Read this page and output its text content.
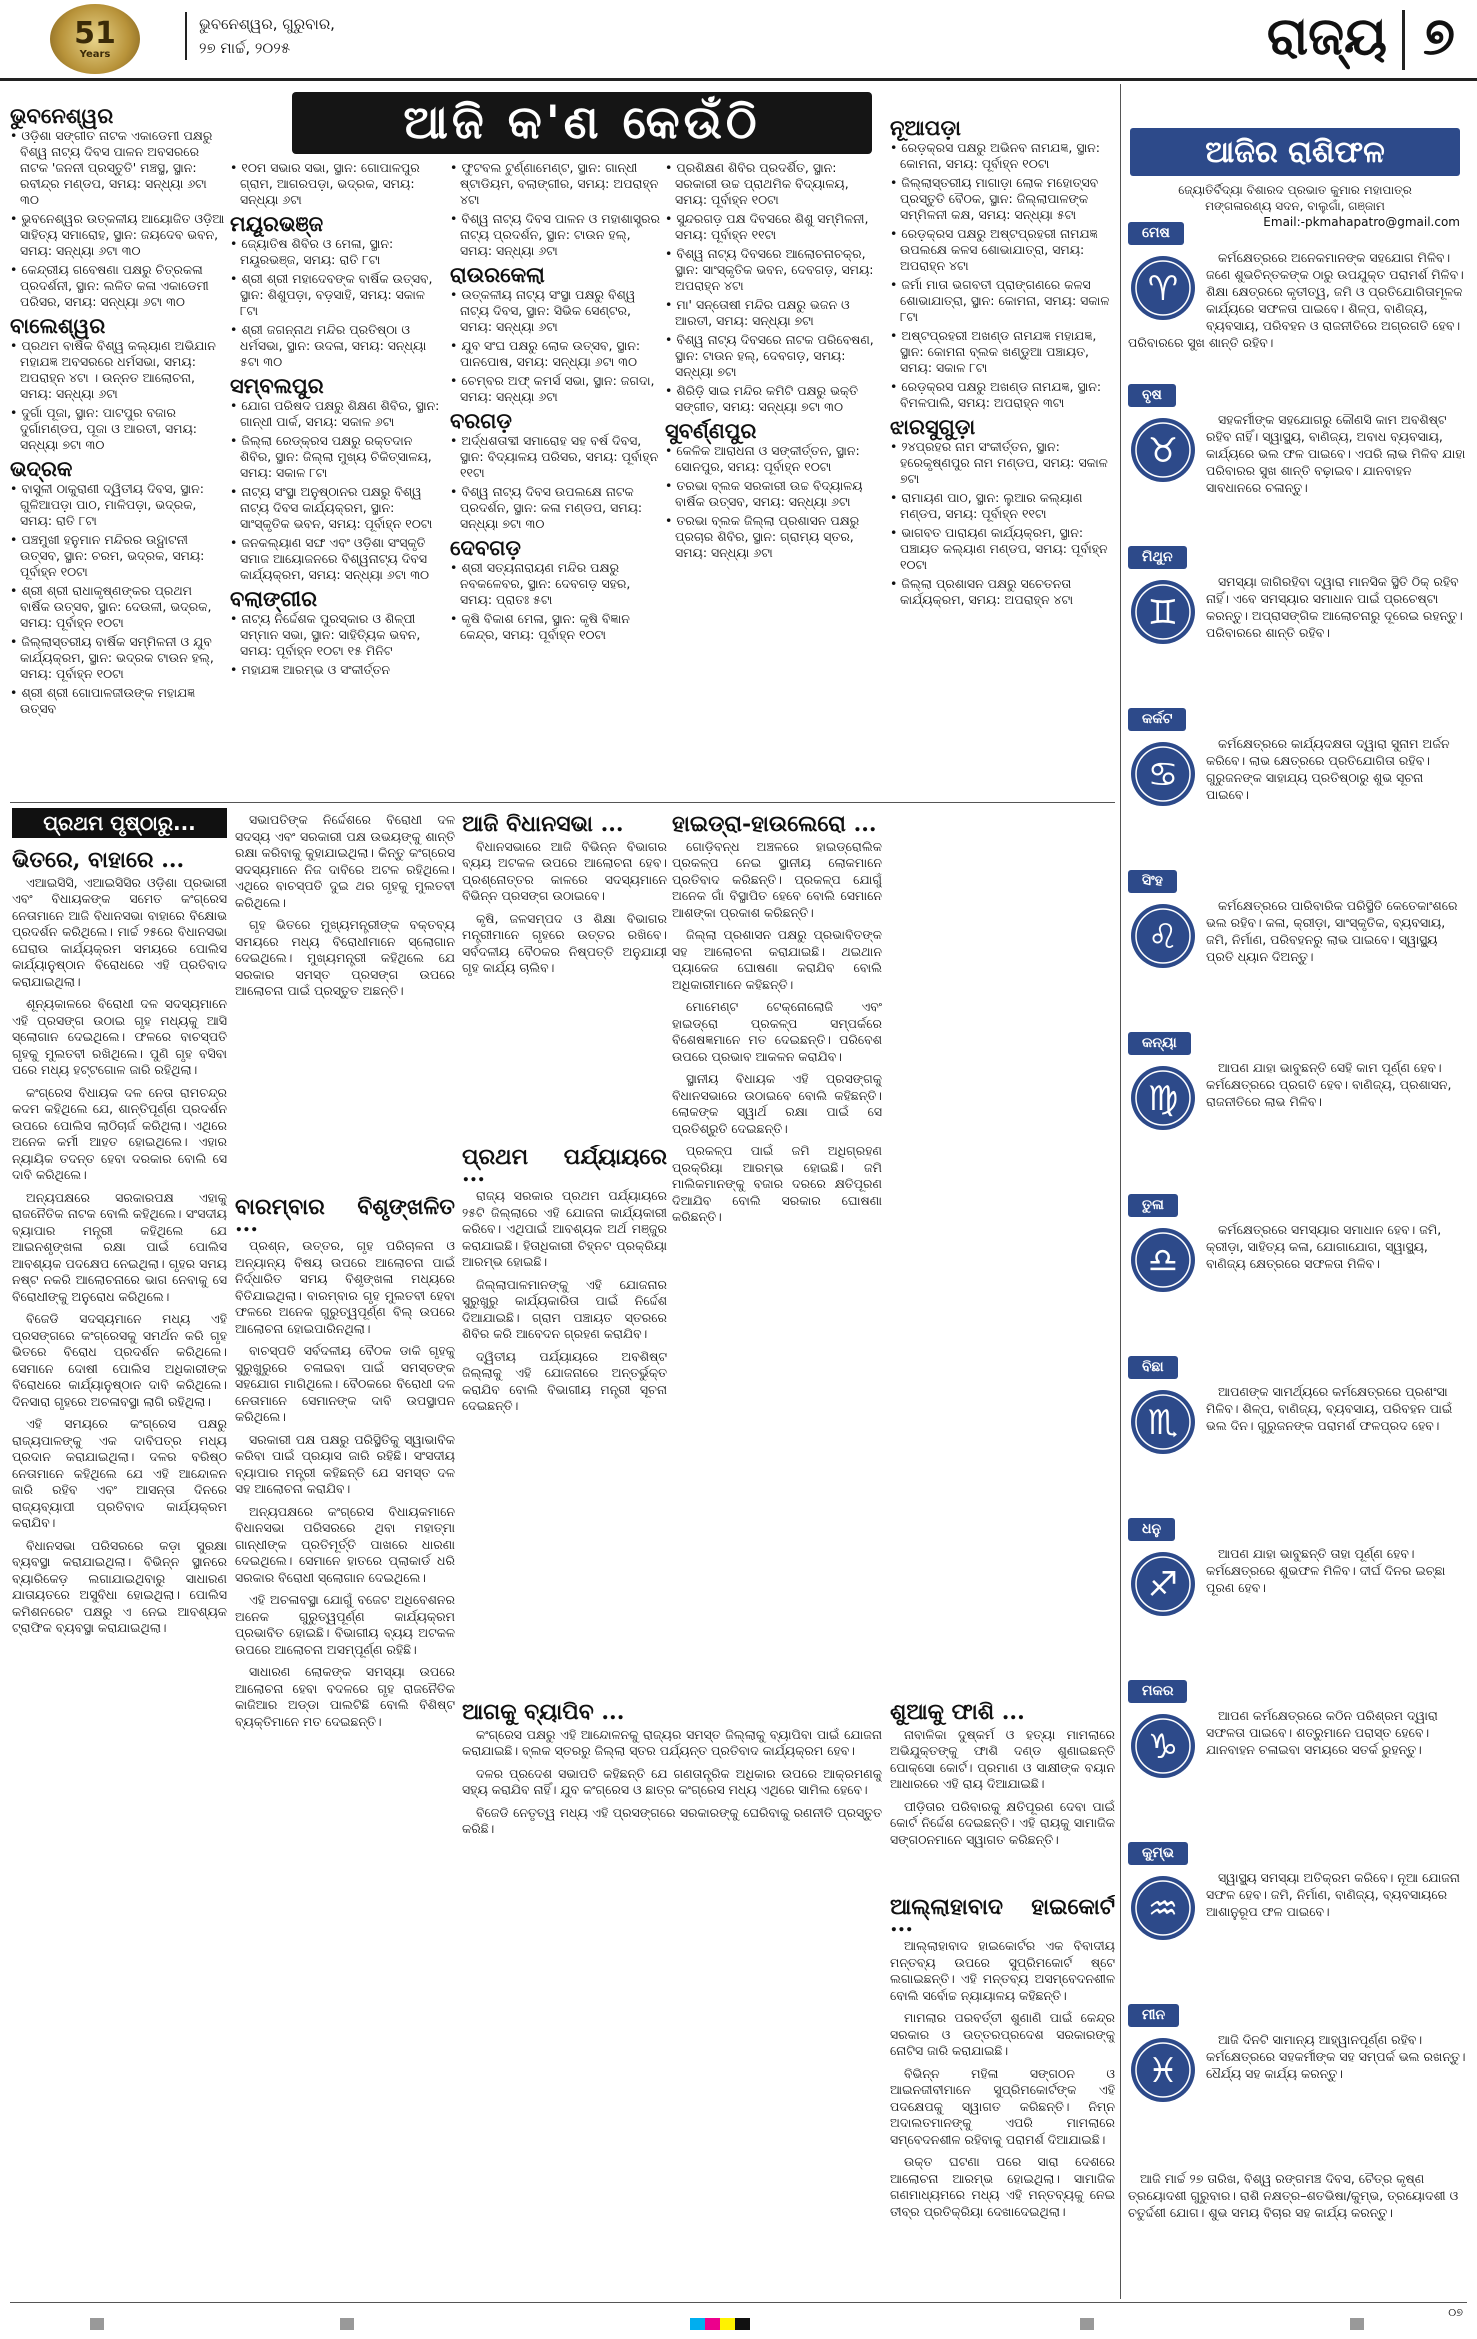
51
Years
ଭୁବନେଶ୍ୱର, ଗୁରୁବାର,
୨୭ ମାର୍ଚ୍ଚ, ୨୦୨୫	ରାଜ୍ୟ ୭
ଆଜି କ'ଣ କେଉଁଠି
ଭୁବନେଶ୍ୱର
• ଓଡ଼ିଶା ସଙ୍ଗୀତ ନାଟକ ଏକାଡେମୀ ପକ୍ଷରୁ ବିଶ୍ୱ ନାଟ୍ୟ ଦିବସ ପାଳନ ଅବସରରେ ନାଟକ 'ଜନନୀ ପ୍ରସ୍ତୁତି' ମଞ୍ଚସ୍ଥ, ସ୍ଥାନ: ରବୀନ୍ଦ୍ର ମଣ୍ଡପ, ସମୟ: ସନ୍ଧ୍ୟା ୬ଟା ୩୦
• ଭୁବନେଶ୍ୱର ଉତ୍କଳୀୟ ଆୟୋଜିତ ଓଡ଼ିଆ ସାହିତ୍ୟ ସମାରୋହ, ସ୍ଥାନ: ଜୟଦେବ ଭବନ, ସମୟ: ସନ୍ଧ୍ୟା ୬ଟା ୩୦
• କେନ୍ଦ୍ରୀୟ ଗବେଷଣା ପକ୍ଷରୁ ଚିତ୍ରକଳା ପ୍ରଦର୍ଶନୀ, ସ୍ଥାନ: ଲଳିତ କଳା ଏକାଡେମୀ ପରିସର, ସମୟ: ସନ୍ଧ୍ୟା ୬ଟା ୩୦
ବାଲେଶ୍ୱର
• ପ୍ରଥମ ବାର୍ଷିକ ବିଶ୍ୱ କଲ୍ୟାଣ ଅଭିଯାନ ମହାଯଜ୍ଞ ଅବସରରେ ଧର୍ମସଭା, ସମୟ: ଅପରାହ୍ନ ୪ଟା । ଉନ୍ନତ ଆଲୋଚନା, ସମୟ: ସନ୍ଧ୍ୟା ୬ଟା
• ଦୁର୍ଗା ପୂଜା, ସ୍ଥାନ: ପାଟପୁର ବଜାର ଦୁର୍ଗାମଣ୍ଡପ, ପୂଜା ଓ ଆରତୀ, ସମୟ: ସନ୍ଧ୍ୟା ୭ଟା ୩୦
ଭଦ୍ରକ
• ବାସୁଳୀ ଠାକୁରାଣୀ ଦ୍ୱିତୀୟ ଦିବସ, ସ୍ଥାନ: ଗୁଳିଆପଡ଼ା ପାଠ, ମାଳିପଡ଼ା, ଭଦ୍ରକ, ସମୟ: ରାତି ୮ଟା
• ପଞ୍ଚମୁଖୀ ହନୁମାନ ମନ୍ଦିରର ଉଦ୍ଘାଟନୀ ଉତ୍ସବ, ସ୍ଥାନ: ଚରମ, ଭଦ୍ରକ, ସମୟ: ପୂର୍ବାହ୍ନ ୧୦ଟା
• ଶ୍ରୀ ଶ୍ରୀ ରାଧାକୃଷ୍ଣଙ୍କର ପ୍ରଥମ ବାର୍ଷିକ ଉତ୍ସବ, ସ୍ଥାନ: ଦେଉଳୀ, ଭଦ୍ରକ, ସମୟ: ପୂର୍ବାହ୍ନ ୧୦ଟା
• ଜିଲ୍ଲାସ୍ତରୀୟ ବାର୍ଷିକ ସମ୍ମିଳନୀ ଓ ଯୁବ କାର୍ଯ୍ୟକ୍ରମ, ସ୍ଥାନ: ଭଦ୍ରକ ଟାଉନ ହଲ୍, ସମୟ: ପୂର୍ବାହ୍ନ ୧୦ଟା
• ଶ୍ରୀ ଶ୍ରୀ ଗୋପାଳଜୀଉଙ୍କ ମହାଯଜ୍ଞ ଉତ୍ସବ
• ୧୦ମ ସଭାର ସଭା, ସ୍ଥାନ: ଗୋପାଳପୁର ଗ୍ରାମ, ଆଗରପଡ଼ା, ଭଦ୍ରକ, ସମୟ: ସନ୍ଧ୍ୟା ୬ଟା
ମୟୂରଭଞ୍ଜ
• ଜ୍ୟୋତିଷ ଶିବିର ଓ ମେଳା, ସ୍ଥାନ: ମୟୂରଭଞ୍ଜ, ସମୟ: ରାତି ୮ଟା
• ଶ୍ରୀ ଶ୍ରୀ ମହାଦେବଙ୍କ ବାର୍ଷିକ ଉତ୍ସବ, ସ୍ଥାନ: ଶିଶୁପଡ଼ା, ବଡ଼ସାହି, ସମୟ: ସକାଳ ୮ଟା
• ଶ୍ରୀ ଜଗନ୍ନାଥ ମନ୍ଦିର ପ୍ରତିଷ୍ଠା ଓ ଧର୍ମସଭା, ସ୍ଥାନ: ଉଦଳା, ସମୟ: ସନ୍ଧ୍ୟା ୫ଟା ୩୦
ସମ୍ବଲପୁର
• ଯୋଗ ପରିଷଦ ପକ୍ଷରୁ ଶିକ୍ଷଣ ଶିବିର, ସ୍ଥାନ: ଗାନ୍ଧୀ ପାର୍କ, ସମୟ: ସକାଳ ୬ଟା
• ଜିଲ୍ଲା ରେଡ୍‌କ୍ରସ ପକ୍ଷରୁ ରକ୍ତଦାନ ଶିବିର, ସ୍ଥାନ: ଜିଲ୍ଲା ମୁଖ୍ୟ ଚିକିତ୍ସାଳୟ, ସମୟ: ସକାଳ ୮ଟା
• ନାଟ୍ୟ ସଂସ୍ଥା ଅନୁଷ୍ଠାନର ପକ୍ଷରୁ ବିଶ୍ୱ ନାଟ୍ୟ ଦିବସ କାର୍ଯ୍ୟକ୍ରମ, ସ୍ଥାନ: ସାଂସ୍କୃତିକ ଭବନ, ସମୟ: ପୂର୍ବାହ୍ନ ୧୦ଟା
• ଜନକଲ୍ୟାଣ ସଙ୍ଘ ଏବଂ ଓଡ଼ିଶା ସଂସ୍କୃତି ସମାଜ ଆୟୋଜନରେ ବିଶ୍ୱନାଟ୍ୟ ଦିବସ କାର୍ଯ୍ୟକ୍ରମ, ସମୟ: ସନ୍ଧ୍ୟା ୬ଟା ୩୦
ବଲାଙ୍ଗୀର
• ନାଟ୍ୟ ନିର୍ଦ୍ଦେଶକ ପୁରସ୍କାର ଓ ଶିଳ୍ପୀ ସମ୍ମାନ ସଭା, ସ୍ଥାନ: ସାହିତ୍ୟିକ ଭବନ, ସମୟ: ପୂର୍ବାହ୍ନ ୧୦ଟା ୧୫ ମିନିଟ
• ମହାଯଜ୍ଞ ଆରମ୍ଭ ଓ ସଂକୀର୍ତ୍ତନ
• ଫୁଟବଲ ଟୁର୍ଣ୍ଣାମେଣ୍ଟ, ସ୍ଥାନ: ଗାନ୍ଧୀ ଷ୍ଟାଡିୟମ, ବଲାଙ୍ଗୀର, ସମୟ: ଅପରାହ୍ନ ୪ଟା
• ବିଶ୍ୱ ନାଟ୍ୟ ଦିବସ ପାଳନ ଓ ମହାଶାସ୍ତ୍ରର ନାଟ୍ୟ ପ୍ରଦର୍ଶନ, ସ୍ଥାନ: ଟାଉନ ହଲ୍, ସମୟ: ସନ୍ଧ୍ୟା ୬ଟା
ରାଉରକେଲା
• ଉତ୍କଳୀୟ ନାଟ୍ୟ ସଂସ୍ଥା ପକ୍ଷରୁ ବିଶ୍ୱ ନାଟ୍ୟ ଦିବସ, ସ୍ଥାନ: ସିଭିକ ସେଣ୍ଟର, ସମୟ: ସନ୍ଧ୍ୟା ୬ଟା
• ଯୁବ ସଂଘ ପକ୍ଷରୁ ଲୋକ ଉତ୍ସବ, ସ୍ଥାନ: ପାନପୋଷ, ସମୟ: ସନ୍ଧ୍ୟା ୬ଟା ୩୦
• ଚେମ୍ବର ଅଫ୍ କମର୍ସ ସଭା, ସ୍ଥାନ: ଜଗଦା, ସମୟ: ସନ୍ଧ୍ୟା ୬ଟା
ବରଗଡ଼
• ଅର୍ଦ୍ଧଶତାବ୍ଦୀ ସମାରୋହ ସହ ବର୍ଷ ଦିବସ, ସ୍ଥାନ: ବିଦ୍ୟାଳୟ ପରିସର, ସମୟ: ପୂର୍ବାହ୍ନ ୧୧ଟା
• ବିଶ୍ୱ ନାଟ୍ୟ ଦିବସ ଉପଲକ୍ଷେ ନାଟକ ପ୍ରଦର୍ଶନ, ସ୍ଥାନ: କଳା ମଣ୍ଡପ, ସମୟ: ସନ୍ଧ୍ୟା ୭ଟା ୩୦
ଦେବଗଡ଼
• ଶ୍ରୀ ସତ୍ୟନାରାୟଣ ମନ୍ଦିର ପକ୍ଷରୁ ନବକଳେବର, ସ୍ଥାନ: ଦେବଗଡ଼ ସହର, ସମୟ: ପ୍ରାତଃ ୫ଟା
• କୃଷି ବିକାଶ ମେଳା, ସ୍ଥାନ: କୃଷି ବିଜ୍ଞାନ କେନ୍ଦ୍ର, ସମୟ: ପୂର୍ବାହ୍ନ ୧୦ଟା
• ପ୍ରଶିକ୍ଷଣ ଶିବିର ପ୍ରଦର୍ଶିତ, ସ୍ଥାନ: ସରକାରୀ ଉଚ୍ଚ ପ୍ରାଥମିକ ବିଦ୍ୟାଳୟ, ସମୟ: ପୂର୍ବାହ୍ନ ୧୦ଟା
• ସୁନ୍ଦରଗଡ଼ ପକ୍ଷ ଦିବସରେ ଶିଶୁ ସମ୍ମିଳନୀ, ସମୟ: ପୂର୍ବାହ୍ନ ୧୧ଟା
• ବିଶ୍ୱ ନାଟ୍ୟ ଦିବସରେ ଆଲୋଚନାଚକ୍ର, ସ୍ଥାନ: ସାଂସ୍କୃତିକ ଭବନ, ଦେବଗଡ଼, ସମୟ: ଅପରାହ୍ନ ୪ଟା
• ମା' ସନ୍ତୋଷୀ ମନ୍ଦିର ପକ୍ଷରୁ ଭଜନ ଓ ଆରତୀ, ସମୟ: ସନ୍ଧ୍ୟା ୭ଟା
• ବିଶ୍ୱ ନାଟ୍ୟ ଦିବସରେ ନାଟକ ପରିବେଷଣ, ସ୍ଥାନ: ଟାଉନ ହଲ୍, ଦେବଗଡ଼, ସମୟ: ସନ୍ଧ୍ୟା ୭ଟା
• ଶିରିଡ଼ି ସାଇ ମନ୍ଦିର କମିଟି ପକ୍ଷରୁ ଭକ୍ତି ସଙ୍ଗୀତ, ସମୟ: ସନ୍ଧ୍ୟା ୭ଟା ୩୦
ସୁବର୍ଣ୍ଣପୁର
• କେଳିକ ଆରାଧନା ଓ ସଙ୍କୀର୍ତ୍ତନ, ସ୍ଥାନ: ସୋନପୁର, ସମୟ: ପୂର୍ବାହ୍ନ ୧୦ଟା
• ତରଭା ବ୍ଲକ ସରକାରୀ ଉଚ୍ଚ ବିଦ୍ୟାଳୟ ବାର୍ଷିକ ଉତ୍ସବ, ସମୟ: ସନ୍ଧ୍ୟା ୬ଟା
• ତରଭା ବ୍ଲକ ଜିଲ୍ଲା ପ୍ରଶାସନ ପକ୍ଷରୁ ପ୍ରଚାର ଶିବିର, ସ୍ଥାନ: ଗ୍ରାମ୍ୟ ସ୍ତର, ସମୟ: ସନ୍ଧ୍ୟା ୬ଟା
ନୂଆପଡ଼ା
• ରେଡ଼କ୍ରସ ପକ୍ଷରୁ ଅଭିନବ ନାମଯଜ୍ଞ, ସ୍ଥାନ: କୋମନା, ସମୟ: ପୂର୍ବାହ୍ନ ୧୦ଟା
• ଜିଲ୍ଲାସ୍ତରୀୟ ମାଗାଡ଼ା ଲୋକ ମହୋତ୍ସବ ପ୍ରସ୍ତୁତି ବୈଠକ, ସ୍ଥାନ: ଜିଲ୍ଲାପାଳଙ୍କ ସମ୍ମିଳନୀ କକ୍ଷ, ସମୟ: ସନ୍ଧ୍ୟା ୫ଟା
• ରେଡ଼କ୍ରସ ପକ୍ଷରୁ ଅଷ୍ଟପ୍ରହରୀ ନାମଯଜ୍ଞ ଉପଲକ୍ଷେ କଳସ ଶୋଭାଯାତ୍ରା, ସମୟ: ଅପରାହ୍ନ ୪ଟା
• ଜର୍ମା ମାତା ଭଗବତୀ ପ୍ରାଙ୍ଗଣରେ କଳସ ଶୋଭାଯାତ୍ରା, ସ୍ଥାନ: କୋମନା, ସମୟ: ସକାଳ ୮ଟା
• ଅଷ୍ଟପ୍ରହରୀ ଅଖଣ୍ଡ ନାମଯଜ୍ଞ ମହାଯଜ୍ଞ, ସ୍ଥାନ: କୋମନା ବ୍ଲକ ଖଣ୍ଡୁଆ ପଞ୍ଚାୟତ, ସମୟ: ସକାଳ ୮ଟା
• ରେଡ଼କ୍ରସ ପକ୍ଷରୁ ଅଖଣ୍ଡ ନାମଯଜ୍ଞ, ସ୍ଥାନ: ବିମଳପାଲି, ସମୟ: ଅପରାହ୍ନ ୩ଟା
ଝାରସୁଗୁଡ଼ା
• ୨୪ପ୍ରହର ନାମ ସଂକୀର୍ତ୍ତନ, ସ୍ଥାନ: ହରେକୃଷ୍ଣପୁର ନାମ ମଣ୍ଡପ, ସମୟ: ସକାଳ ୭ଟା
• ରାମାୟଣ ପାଠ, ସ୍ଥାନ: ଲୁଆର କଲ୍ୟାଣ ମଣ୍ଡପ, ସମୟ: ପୂର୍ବାହ୍ନ ୧୧ଟା
• ଭାଗବତ ପାରାୟଣ କାର୍ଯ୍ୟକ୍ରମ, ସ୍ଥାନ: ପଞ୍ଚାୟତ କଲ୍ୟାଣ ମଣ୍ଡପ, ସମୟ: ପୂର୍ବାହ୍ନ ୧୦ଟା
• ଜିଲ୍ଲା ପ୍ରଶାସନ ପକ୍ଷରୁ ସଚେତନତା କାର୍ଯ୍ୟକ୍ରମ, ସମୟ: ଅପରାହ୍ନ ୪ଟା
ଆଜିର ରାଶିଫଳ
ଜ୍ୟୋତିର୍ବିଦ୍ୟା ବିଶାରଦ ପ୍ରଭାତ କୁମାର ମହାପାତ୍ର
ମଙ୍ଗଳାରଣ୍ୟ ସଦନ, ବାଲୁଗାଁ, ଗଞ୍ଜାମ
Email:-pkmahapatro@gmail.com
ମେଷ
♈
କର୍ମକ୍ଷେତ୍ରରେ ଅନେକମାନଙ୍କ ସହଯୋଗ ମିଳିବ। ଜଣେ ଶୁଭଚିନ୍ତକଙ୍କ ଠାରୁ ଉପଯୁକ୍ତ ପରାମର୍ଶ ମିଳିବ। ଶିକ୍ଷା କ୍ଷେତ୍ରରେ କୃତୀତ୍ୱ, ଜମି ଓ ପ୍ରତିଯୋଗିତାମୂଳକ କାର୍ଯ୍ୟରେ ସଫଳତା ପାଇବେ। ଶିଳ୍ପ, ବାଣିଜ୍ୟ, ବ୍ୟବସାୟ, ପରିବହନ ଓ ରାଜନୀତିରେ ଅଗ୍ରଗତି ହେବ। ପରିବାରରେ ସୁଖ ଶାନ୍ତି ରହିବ।
ବୃଷ
♉
ସହକର୍ମୀଙ୍କ ସହଯୋଗରୁ କୌଣସି କାମ ଅବଶିଷ୍ଟ ରହିବ ନାହିଁ। ସ୍ୱାସ୍ଥ୍ୟ, ବାଣିଜ୍ୟ, ଅବାଧ ବ୍ୟବସାୟ, କାର୍ଯ୍ୟରେ ଭଲ ଫଳ ପାଇବେ। ଏପରି ଲାଭ ମିଳିବ ଯାହା ପରିବାରର ସୁଖ ଶାନ୍ତି ବଢ଼ାଇବ। ଯାନବାହନ ସାବଧାନରେ ଚଳାନ୍ତୁ।
ମିଥୁନ
♊
ସମସ୍ୟା ଜାଗିରହିବା ଦ୍ୱାରା ମାନସିକ ସ୍ଥିତି ଠିକ୍ ରହିବ ନାହିଁ। ଏବେ ସମସ୍ୟାର ସମାଧାନ ପାଇଁ ପ୍ରଚେଷ୍ଟା କରନ୍ତୁ। ଅପ୍ରାସଙ୍ଗିକ ଆଲୋଚନାରୁ ଦୂରେଇ ରହନ୍ତୁ। ପରିବାରରେ ଶାନ୍ତି ରହିବ।
କର୍କଟ
♋
କର୍ମକ୍ଷେତ୍ରରେ କାର୍ଯ୍ୟଦକ୍ଷତା ଦ୍ୱାରା ସୁନାମ ଅର୍ଜନ କରିବେ। ଲାଭ କ୍ଷେତ୍ରରେ ପ୍ରତିଯୋଗିତା ରହିବ। ଗୁରୁଜନଙ୍କ ସାହାଯ୍ୟ ପ୍ରତିଷ୍ଠାରୁ ଶୁଭ ସୂଚନା ପାଇବେ।
ସିଂହ
♌
କର୍ମକ୍ଷେତ୍ରରେ ପାରିବାରିକ ପରିସ୍ଥିତି କେତେକାଂଶରେ ଭଲ ରହିବ। କଳା, କ୍ରୀଡ଼ା, ସାଂସ୍କୃତିକ, ବ୍ୟବସାୟ, ଜମି, ନିର୍ମାଣ, ପରିବହନରୁ ଲାଭ ପାଇବେ। ସ୍ୱାସ୍ଥ୍ୟ ପ୍ରତି ଧ୍ୟାନ ଦିଅନ୍ତୁ।
କନ୍ୟା
♍
ଆପଣ ଯାହା ଭାବୁଛନ୍ତି ସେହି କାମ ପୂର୍ଣ୍ଣ ହେବ। କର୍ମକ୍ଷେତ୍ରରେ ପ୍ରଗତି ହେବ। ବାଣିଜ୍ୟ, ପ୍ରଶାସନ, ରାଜନୀତିରେ ଲାଭ ମିଳିବ।
ତୁଳା
♎
କର୍ମକ୍ଷେତ୍ରରେ ସମସ୍ୟାର ସମାଧାନ ହେବ। ଜମି, କ୍ରୀଡ଼ା, ସାହିତ୍ୟ କଳା, ଯୋଗାଯୋଗ, ସ୍ୱାସ୍ଥ୍ୟ, ବାଣିଜ୍ୟ କ୍ଷେତ୍ରରେ ସଫଳତା ମିଳିବ।
ବିଛା
♏
ଆପଣଙ୍କ ସାମର୍ଥ୍ୟରେ କର୍ମକ୍ଷେତ୍ରରେ ପ୍ରଶଂସା ମିଳିବ। ଶିଳ୍ପ, ବାଣିଜ୍ୟ, ବ୍ୟବସାୟ, ପରିବହନ ପାଇଁ ଭଲ ଦିନ। ଗୁରୁଜନଙ୍କ ପରାମର୍ଶ ଫଳପ୍ରଦ ହେବ।
ଧନୁ
♐
ଆପଣ ଯାହା ଭାବୁଛନ୍ତି ତାହା ପୂର୍ଣ୍ଣ ହେବ। କର୍ମକ୍ଷେତ୍ରରେ ଶୁଭଫଳ ମିଳିବ। ଦୀର୍ଘ ଦିନର ଇଚ୍ଛା ପୂରଣ ହେବ।
ମକର
♑
ଆପଣ କର୍ମକ୍ଷେତ୍ରରେ କଠିନ ପରିଶ୍ରମ ଦ୍ୱାରା ସଫଳତା ପାଇବେ। ଶତ୍ରୁମାନେ ପରାସ୍ତ ହେବେ। ଯାନବାହନ ଚଳାଇବା ସମୟରେ ସତର୍କ ରୁହନ୍ତୁ।
କୁମ୍ଭ
♒
ସ୍ୱାସ୍ଥ୍ୟ ସମସ୍ୟା ଅତିକ୍ରମ କରିବେ। ନୂଆ ଯୋଜନା ସଫଳ ହେବ। ଜମି, ନିର୍ମାଣ, ବାଣିଜ୍ୟ, ବ୍ୟବସାୟରେ ଆଶାନୁରୂପ ଫଳ ପାଇବେ।
ମୀନ
♓
ଆଜି ଦିନଟି ସାମାନ୍ୟ ଆହ୍ୱାନପୂର୍ଣ୍ଣ ରହିବ। କର୍ମକ୍ଷେତ୍ରରେ ସହକର୍ମୀଙ୍କ ସହ ସମ୍ପର୍କ ଭଲ ରଖନ୍ତୁ। ଧୈର୍ଯ୍ୟ ସହ କାର୍ଯ୍ୟ କରନ୍ତୁ।
ଆଜି ମାର୍ଚ୍ଚ ୨୭ ତାରିଖ, ବିଶ୍ୱ ରଙ୍ଗମଞ୍ଚ ଦିବସ, ଚୈତ୍ର କୃଷ୍ଣ ତ୍ରୟୋଦଶୀ ଗୁରୁବାର। ରାଶି ନକ୍ଷତ୍ର–ଶତଭିଷା/କୁମ୍ଭ, ତ୍ରୟୋଦଶୀ ଓ ଚତୁର୍ଦ୍ଦଶୀ ଯୋଗ। ଶୁଭ ସମୟ ବିଚାର ସହ କାର୍ଯ୍ୟ କରନ୍ତୁ।
ପ୍ରଥମ ପୃଷ୍ଠାରୁ...
ଭିତରେ, ବାହାରେ ...

ଏଆଇସିସି, ଏଆଇସିସିର ଓଡ଼ିଶା ପ୍ରଭାରୀ ଏବଂ ବିଧାୟକଙ୍କ ସମେତ କଂଗ୍ରେସ ନେତାମାନେ ଆଜି ବିଧାନସଭା ବାହାରେ ବିକ୍ଷୋଭ ପ୍ରଦର୍ଶନ କରିଥିଲେ। ମାର୍ଚ୍ଚ ୨୫ରେ ବିଧାନସଭା ଘେରାଉ କାର୍ଯ୍ୟକ୍ରମ ସମୟରେ ପୋଲିସ କାର୍ଯ୍ୟାନୁଷ୍ଠାନ ବିରୋଧରେ ଏହି ପ୍ରତିବାଦ କରାଯାଇଥିଲା।

ଶୂନ୍ୟକାଳରେ ବିରୋଧୀ ଦଳ ସଦସ୍ୟମାନେ ଏହି ପ୍ରସଙ୍ଗ ଉଠାଇ ଗୃହ ମଧ୍ୟକୁ ଆସି ସ୍ଲୋଗାନ ଦେଇଥିଲେ। ଫଳରେ ବାଚସ୍ପତି ଗୃହକୁ ମୁଲତବୀ ରଖିଥିଲେ। ପୁଣି ଗୃହ ବସିବା ପରେ ମଧ୍ୟ ହଟ୍ଟଗୋଳ ଜାରି ରହିଥିଲା।

କଂଗ୍ରେସ ବିଧାୟକ ଦଳ ନେତା ରାମଚନ୍ଦ୍ର କଦମ କହିଥିଲେ ଯେ, ଶାନ୍ତିପୂର୍ଣ୍ଣ ପ୍ରଦର୍ଶନ ଉପରେ ପୋଲିସ ଲାଠିଚାର୍ଜ କରିଥିଲା। ଏଥିରେ ଅନେକ କର୍ମୀ ଆହତ ହୋଇଥିଲେ। ଏହାର ନ୍ୟାୟିକ ତଦନ୍ତ ହେବା ଦରକାର ବୋଲି ସେ ଦାବି କରିଥିଲେ।

ଅନ୍ୟପକ୍ଷରେ ସରକାରପକ୍ଷ ଏହାକୁ ରାଜନୈତିକ ନାଟକ ବୋଲି କହିଥିଲେ। ସଂସଦୀୟ ବ୍ୟାପାର ମନ୍ତ୍ରୀ କହିଥିଲେ ଯେ ଆଇନଶୃଙ୍ଖଳା ରକ୍ଷା ପାଇଁ ପୋଲିସ ଆବଶ୍ୟକ ପଦକ୍ଷେପ ନେଇଥିଲା। ଗୃହର ସମୟ ନଷ୍ଟ ନକରି ଆଲୋଚନାରେ ଭାଗ ନେବାକୁ ସେ ବିରୋଧୀଙ୍କୁ ଅନୁରୋଧ କରିଥିଲେ।

ବିଜେଡି ସଦସ୍ୟମାନେ ମଧ୍ୟ ଏହି ପ୍ରସଙ୍ଗରେ କଂଗ୍ରେସକୁ ସମର୍ଥନ କରି ଗୃହ ଭିତରେ ବିରୋଧ ପ୍ରଦର୍ଶନ କରିଥିଲେ। ସେମାନେ ଦୋଷୀ ପୋଲିସ ଅଧିକାରୀଙ୍କ ବିରୋଧରେ କାର୍ଯ୍ୟାନୁଷ୍ଠାନ ଦାବି କରିଥିଲେ। ଦିନସାରା ଗୃହରେ ଅଚଳାବସ୍ଥା ଲାଗି ରହିଥିଲା।

ଏହି ସମୟରେ କଂଗ୍ରେସ ପକ୍ଷରୁ ରାଜ୍ୟପାଳଙ୍କୁ ଏକ ଦାବିପତ୍ର ମଧ୍ୟ ପ୍ରଦାନ କରାଯାଇଥିଲା। ଦଳର ବରିଷ୍ଠ ନେତାମାନେ କହିଥିଲେ ଯେ ଏହି ଆନ୍ଦୋଳନ ଜାରି ରହିବ ଏବଂ ଆସନ୍ତା ଦିନରେ ରାଜ୍ୟବ୍ୟାପୀ ପ୍ରତିବାଦ କାର୍ଯ୍ୟକ୍ରମ କରାଯିବ।

ବିଧାନସଭା ପରିସରରେ କଡ଼ା ସୁରକ୍ଷା ବ୍ୟବସ୍ଥା କରାଯାଇଥିଲା। ବିଭିନ୍ନ ସ୍ଥାନରେ ବ୍ୟାରିକେଡ଼ ଲଗାଯାଇଥିବାରୁ ସାଧାରଣ ଯାତାୟତରେ ଅସୁବିଧା ହୋଇଥିଲା। ପୋଲିସ କମିଶନରେଟ ପକ୍ଷରୁ ଏ ନେଇ ଆବଶ୍ୟକ ଟ୍ରାଫିକ ବ୍ୟବସ୍ଥା କରାଯାଇଥିଲା।

ସଭାପତିଙ୍କ ନିର୍ଦ୍ଦେଶରେ ବିରୋଧୀ ଦଳ ସଦସ୍ୟ ଏବଂ ସରକାରୀ ପକ୍ଷ ଉଭୟଙ୍କୁ ଶାନ୍ତି ରକ୍ଷା କରିବାକୁ କୁହାଯାଇଥିଲା। କିନ୍ତୁ କଂଗ୍ରେସ ସଦସ୍ୟମାନେ ନିଜ ଦାବିରେ ଅଟଳ ରହିଥିଲେ। ଏଥିରେ ବାଚସ୍ପତି ଦୁଇ ଥର ଗୃହକୁ ମୁଲତବୀ କରିଥିଲେ।

ଗୃହ ଭିତରେ ମୁଖ୍ୟମନ୍ତ୍ରୀଙ୍କ ବକ୍ତବ୍ୟ ସମୟରେ ମଧ୍ୟ ବିରୋଧୀମାନେ ସ୍ଲୋଗାନ ଦେଇଥିଲେ। ମୁଖ୍ୟମନ୍ତ୍ରୀ କହିଥିଲେ ଯେ ସରକାର ସମସ୍ତ ପ୍ରସଙ୍ଗ ଉପରେ ଆଲୋଚନା ପାଇଁ ପ୍ରସ୍ତୁତ ଅଛନ୍ତି।

ବାରମ୍ବାର ବିଶୃଙ୍ଖଳିତ ...

ପ୍ରଶ୍ନ, ଉତ୍ତର, ଗୃହ ପରିଚାଳନା ଓ ଅନ୍ୟାନ୍ୟ ବିଷୟ ଉପରେ ଆଲୋଚନା ପାଇଁ ନିର୍ଦ୍ଧାରିତ ସମୟ ବିଶୃଙ୍ଖଳା ମଧ୍ୟରେ ବିତିଯାଇଥିଲା। ବାରମ୍ବାର ଗୃହ ମୁଲତବୀ ହେବା ଫଳରେ ଅନେକ ଗୁରୁତ୍ୱପୂର୍ଣ୍ଣ ବିଲ୍ ଉପରେ ଆଲୋଚନା ହୋଇପାରିନଥିଲା।

ବାଚସ୍ପତି ସର୍ବଦଳୀୟ ବୈଠକ ଡାକି ଗୃହକୁ ସୁରୁଖୁରୁରେ ଚଳାଇବା ପାଇଁ ସମସ୍ତଙ୍କ ସହଯୋଗ ମାଗିଥିଲେ। ବୈଠକରେ ବିରୋଧୀ ଦଳ ନେତାମାନେ ସେମାନଙ୍କ ଦାବି ଉପସ୍ଥାପନ କରିଥିଲେ।

ସରକାରୀ ପକ୍ଷ ପକ୍ଷରୁ ପରିସ୍ଥିତିକୁ ସ୍ୱାଭାବିକ କରିବା ପାଇଁ ପ୍ରୟାସ ଜାରି ରହିଛି। ସଂସଦୀୟ ବ୍ୟାପାର ମନ୍ତ୍ରୀ କହିଛନ୍ତି ଯେ ସମସ୍ତ ଦଳ ସହ ଆଲୋଚନା କରାଯିବ।

ଅନ୍ୟପକ୍ଷରେ କଂଗ୍ରେସ ବିଧାୟକମାନେ ବିଧାନସଭା ପରିସରରେ ଥିବା ମହାତ୍ମା ଗାନ୍ଧୀଙ୍କ ପ୍ରତିମୂର୍ତ୍ତି ପାଖରେ ଧାରଣା ଦେଇଥିଲେ। ସେମାନେ ହାତରେ ପ୍ଲାକାର୍ଡ ଧରି ସରକାର ବିରୋଧୀ ସ୍ଲୋଗାନ ଦେଇଥିଲେ।

ଏହି ଅଚଳାବସ୍ଥା ଯୋଗୁଁ ବଜେଟ ଅଧିବେଶନର ଅନେକ ଗୁରୁତ୍ୱପୂର୍ଣ୍ଣ କାର୍ଯ୍ୟକ୍ରମ ପ୍ରଭାବିତ ହୋଇଛି। ବିଭାଗୀୟ ବ୍ୟୟ ଅଟକଳ ଉପରେ ଆଲୋଚନା ଅସମ୍ପୂର୍ଣ୍ଣ ରହିଛି।

ସାଧାରଣ ଲୋକଙ୍କ ସମସ୍ୟା ଉପରେ ଆଲୋଚନା ହେବା ବଦଳରେ ଗୃହ ରାଜନୈତିକ କାଜିଆର ଅଡ୍ଡା ପାଲଟିଛି ବୋଲି ବିଶିଷ୍ଟ ବ୍ୟକ୍ତିମାନେ ମତ ଦେଇଛନ୍ତି।

ଆଜି ବିଧାନସଭା ...

ବିଧାନସଭାରେ ଆଜି ବିଭିନ୍ନ ବିଭାଗର ବ୍ୟୟ ଅଟକଳ ଉପରେ ଆଲୋଚନା ହେବ। ପ୍ରଶ୍ନୋତ୍ତର କାଳରେ ସଦସ୍ୟମାନେ ବିଭିନ୍ନ ପ୍ରସଙ୍ଗ ଉଠାଇବେ।

କୃଷି, ଜଳସମ୍ପଦ ଓ ଶିକ୍ଷା ବିଭାଗର ମନ୍ତ୍ରୀମାନେ ଗୃହରେ ଉତ୍ତର ରଖିବେ। ସର୍ବଦଳୀୟ ବୈଠକର ନିଷ୍ପତ୍ତି ଅନୁଯାୟୀ ଗୃହ କାର୍ଯ୍ୟ ଚାଲିବ।

ପ୍ରଥମ ପର୍ଯ୍ୟାୟରେ ...

ରାଜ୍ୟ ସରକାର ପ୍ରଥମ ପର୍ଯ୍ୟାୟରେ ୨୫ଟି ଜିଲ୍ଲାରେ ଏହି ଯୋଜନା କାର୍ଯ୍ୟକାରୀ କରିବେ। ଏଥିପାଇଁ ଆବଶ୍ୟକ ଅର୍ଥ ମଞ୍ଜୁର କରାଯାଇଛି। ହିତାଧିକାରୀ ଚିହ୍ନଟ ପ୍ରକ୍ରିୟା ଆରମ୍ଭ ହୋଇଛି।

ଜିଲ୍ଲାପାଳମାନଙ୍କୁ ଏହି ଯୋଜନାର ସୁରୁଖୁରୁ କାର୍ଯ୍ୟକାରିତା ପାଇଁ ନିର୍ଦ୍ଦେଶ ଦିଆଯାଇଛି। ଗ୍ରାମ ପଞ୍ଚାୟତ ସ୍ତରରେ ଶିବିର କରି ଆବେଦନ ଗ୍ରହଣ କରାଯିବ।

ଦ୍ୱିତୀୟ ପର୍ଯ୍ୟାୟରେ ଅବଶିଷ୍ଟ ଜିଲ୍ଲାକୁ ଏହି ଯୋଜନାରେ ଅନ୍ତର୍ଭୁକ୍ତ କରାଯିବ ବୋଲି ବିଭାଗୀୟ ମନ୍ତ୍ରୀ ସୂଚନା ଦେଇଛନ୍ତି।

ହାଇଡ୍ରା-ହାଉଲେରୋ ...

ଗୋଡ଼ିବନ୍ଧ ଅଞ୍ଚଳରେ ହାଇଡ୍ରୋଲିକ ପ୍ରକଳ୍ପ ନେଇ ସ୍ଥାନୀୟ ଲୋକମାନେ ପ୍ରତିବାଦ କରିଛନ୍ତି। ପ୍ରକଳ୍ପ ଯୋଗୁଁ ଅନେକ ଗାଁ ବିସ୍ଥାପିତ ହେବେ ବୋଲି ସେମାନେ ଆଶଙ୍କା ପ୍ରକାଶ କରିଛନ୍ତି।

ଜିଲ୍ଲା ପ୍ରଶାସନ ପକ୍ଷରୁ ପ୍ରଭାବିତଙ୍କ ସହ ଆଲୋଚନା କରାଯାଇଛି। ଥଇଥାନ ପ୍ୟାକେଜ ଘୋଷଣା କରାଯିବ ବୋଲି ଅଧିକାରୀମାନେ କହିଛନ୍ତି।

ମୋମେଣ୍ଟ ଟେକ୍ନୋଲୋଜି ଏବଂ ହାଇଡ୍ରୋ ପ୍ରକଳ୍ପ ସମ୍ପର୍କରେ ବିଶେଷଜ୍ଞମାନେ ମତ ଦେଇଛନ୍ତି। ପରିବେଶ ଉପରେ ପ୍ରଭାବ ଆକଳନ କରାଯିବ।

ସ୍ଥାନୀୟ ବିଧାୟକ ଏହି ପ୍ରସଙ୍ଗକୁ ବିଧାନସଭାରେ ଉଠାଇବେ ବୋଲି କହିଛନ୍ତି। ଲୋକଙ୍କ ସ୍ୱାର୍ଥ ରକ୍ଷା ପାଇଁ ସେ ପ୍ରତିଶ୍ରୁତି ଦେଇଛନ୍ତି।

ପ୍ରକଳ୍ପ ପାଇଁ ଜମି ଅଧିଗ୍ରହଣ ପ୍ରକ୍ରିୟା ଆରମ୍ଭ ହୋଇଛି। ଜମି ମାଲିକମାନଙ୍କୁ ବଜାର ଦରରେ କ୍ଷତିପୂରଣ ଦିଆଯିବ ବୋଲି ସରକାର ଘୋଷଣା କରିଛନ୍ତି।

ଆଗକୁ ବ୍ୟାପିବ ...

କଂଗ୍ରେସ ପକ୍ଷରୁ ଏହି ଆନ୍ଦୋଳନକୁ ରାଜ୍ୟର ସମସ୍ତ ଜିଲ୍ଲାକୁ ବ୍ୟାପିବା ପାଇଁ ଯୋଜନା କରାଯାଇଛି। ବ୍ଲକ ସ୍ତରରୁ ଜିଲ୍ଲା ସ୍ତର ପର୍ଯ୍ୟନ୍ତ ପ୍ରତିବାଦ କାର୍ଯ୍ୟକ୍ରମ ହେବ।

ଦଳର ପ୍ରଦେଶ ସଭାପତି କହିଛନ୍ତି ଯେ ଗଣତାନ୍ତ୍ରିକ ଅଧିକାର ଉପରେ ଆକ୍ରମଣକୁ ସହ୍ୟ କରାଯିବ ନାହିଁ। ଯୁବ କଂଗ୍ରେସ ଓ ଛାତ୍ର କଂଗ୍ରେସ ମଧ୍ୟ ଏଥିରେ ସାମିଲ ହେବେ।

ବିଜେଡି ନେତୃତ୍ୱ ମଧ୍ୟ ଏହି ପ୍ରସଙ୍ଗରେ ସରକାରଙ୍କୁ ଘେରିବାକୁ ରଣନୀତି ପ୍ରସ୍ତୁତ କରିଛି।

ଶୁଆକୁ ଫାଶି ...

ନାବାଳିକା ଦୁଷ୍କର୍ମ ଓ ହତ୍ୟା ମାମଲାରେ ଅଭିଯୁକ୍ତଙ୍କୁ ଫାଶି ଦଣ୍ଡ ଶୁଣାଇଛନ୍ତି ପୋକ୍ସୋ କୋର୍ଟ। ପ୍ରମାଣ ଓ ସାକ୍ଷୀଙ୍କ ବୟାନ ଆଧାରରେ ଏହି ରାୟ ଦିଆଯାଇଛି।

ପୀଡ଼ିତାର ପରିବାରକୁ କ୍ଷତିପୂରଣ ଦେବା ପାଇଁ କୋର୍ଟ ନିର୍ଦ୍ଦେଶ ଦେଇଛନ୍ତି। ଏହି ରାୟକୁ ସାମାଜିକ ସଙ୍ଗଠନମାନେ ସ୍ୱାଗତ କରିଛନ୍ତି।

ଆଲ୍ଲାହାବାଦ ହାଇକୋର୍ଟ ...

ଆଲ୍ଲାହାବାଦ ହାଇକୋର୍ଟର ଏକ ବିବାଦୀୟ ମନ୍ତବ୍ୟ ଉପରେ ସୁପ୍ରିମକୋର୍ଟ ଷ୍ଟେ ଲଗାଇଛନ୍ତି। ଏହି ମନ୍ତବ୍ୟ ଅସମ୍ବେଦନଶୀଳ ବୋଲି ସର୍ବୋଚ୍ଚ ନ୍ୟାୟାଳୟ କହିଛନ୍ତି।

ମାମଲାର ପରବର୍ତ୍ତୀ ଶୁଣାଣି ପାଇଁ କେନ୍ଦ୍ର ସରକାର ଓ ଉତ୍ତରପ୍ରଦେଶ ସରକାରଙ୍କୁ ନୋଟିସ ଜାରି କରାଯାଇଛି।

ବିଭିନ୍ନ ମହିଳା ସଙ୍ଗଠନ ଓ ଆଇନଜୀବୀମାନେ ସୁପ୍ରିମକୋର୍ଟଙ୍କ ଏହି ପଦକ୍ଷେପକୁ ସ୍ୱାଗତ କରିଛନ୍ତି। ନିମ୍ନ ଅଦାଲତମାନଙ୍କୁ ଏପରି ମାମଲାରେ ସମ୍ବେଦନଶୀଳ ରହିବାକୁ ପରାମର୍ଶ ଦିଆଯାଇଛି।

ଉକ୍ତ ଘଟଣା ପରେ ସାରା ଦେଶରେ ଆଲୋଚନା ଆରମ୍ଭ ହୋଇଥିଲା। ସାମାଜିକ ଗଣମାଧ୍ୟମରେ ମଧ୍ୟ ଏହି ମନ୍ତବ୍ୟକୁ ନେଇ ତୀବ୍ର ପ୍ରତିକ୍ରିୟା ଦେଖାଦେଇଥିଲା।

୦୭
